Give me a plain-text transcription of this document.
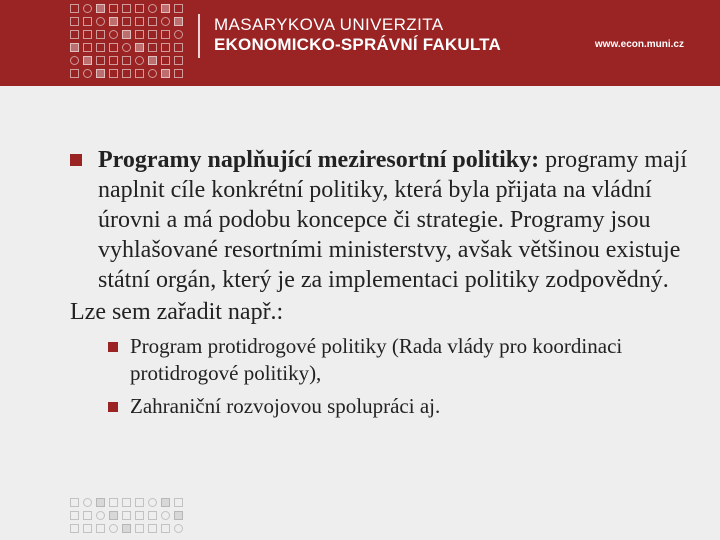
MASARYKOVA UNIVERZITA
EKONOMICKO-SPRÁVNÍ FAKULTA	www.econ.muni.cz
Programy naplňující meziresortní politiky: programy mají naplnit cíle konkrétní politiky, která byla přijata na vládní úrovni a má podobu koncepce či strategie. Programy jsou vyhlašované resortními ministerstvy, avšak většinou existuje státní orgán, který je za implementaci politiky zodpovědný.
Lze sem zařadit např.:
Program protidrogové politiky (Rada vlády pro koordinaci protidrogové politiky),
Zahraniční rozvojovou spolupráci aj.
